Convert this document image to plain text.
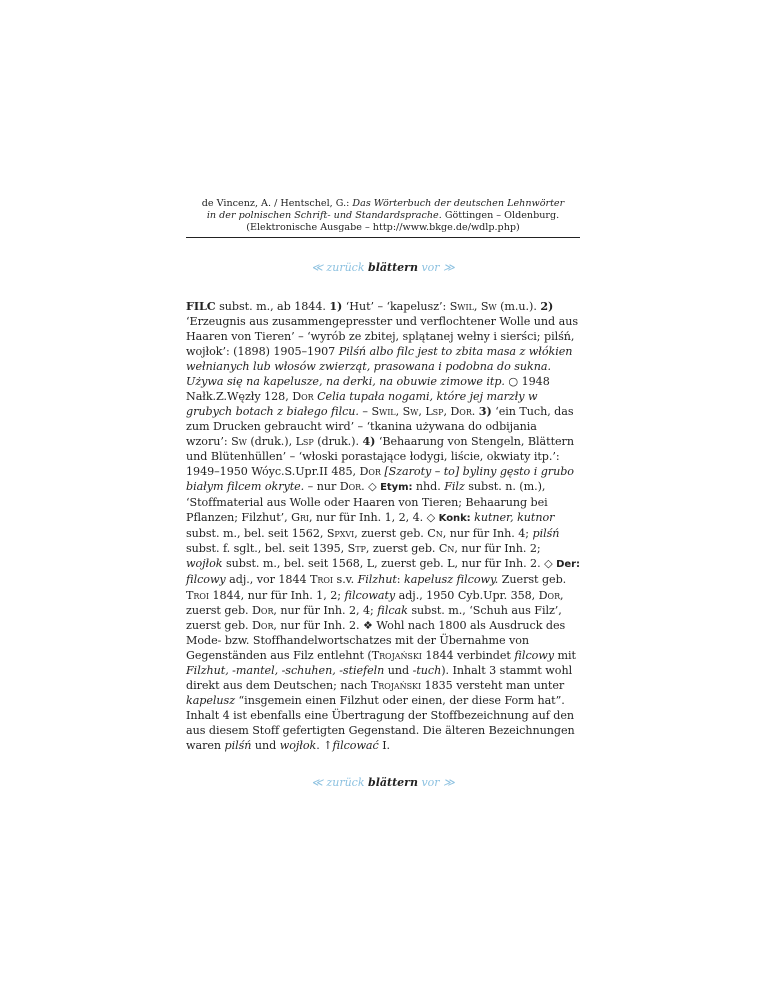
de Vincenz, A. / Hentschel, G.: Das Wörterbuch der deutschen Lehnwörter
in der polnischen Schrift- und Standardsprache. Göttingen – Oldenburg.
(Elektronische Ausgabe – http://www.bkge.de/wdlp.php)
≪ zurück blättern vor ≫
FILC subst. m., ab 1844. 1) ‘Hut’ – ‘kapelusz’: Swil, Sw (m.u.). 2) ‘Erzeugnis aus zusammengepresster und verflochtener Wolle und aus Haaren von Tieren’ – ‘wyrób ze zbitej, splątanej wełny i sierści; pilśń, wojłok’: (1898) 1905–1907 Pilśń albo filc jest to zbita masa z włókien wełnianych lub włosów zwierząt, prasowana i podobna do sukna. Używa się na kapelusze, na derki, na obuwie zimowe itp. ○ 1948 Nałk.Z.Węzły 128, Dor Celia tupała nogami, które jej marzły w grubych botach z białego filcu. – Swil, Sw, Lsp, Dor. 3) ‘ein Tuch, das zum Drucken gebraucht wird’ – ‘tkanina używana do odbijania wzoru’: Sw (druk.), Lsp (druk.). 4) ‘Behaarung von Stengeln, Blättern und Blütenhüllen’ – ‘włoski porastające łodygi, liście, okwiaty itp.’: 1949–1950 Wóyc.S.Upr.II 485, Dor [Szaroty – to] byliny gęsto i grubo białym filcem okryte. – nur Dor. ◇ Etym: nhd. Filz subst. n. (m.), ‘Stoffmaterial aus Wolle oder Haaren von Tieren; Behaarung bei Pflanzen; Filzhut’, Gri, nur für Inh. 1, 2, 4. ◇ Konk: kutner, kutnor subst. m., bel. seit 1562, Spxvi, zuerst geb. Cn, nur für Inh. 4; pilśń subst. f. sglt., bel. seit 1395, Stp, zuerst geb. Cn, nur für Inh. 2; wojłok subst. m., bel. seit 1568, L, zuerst geb. L, nur für Inh. 2. ◇ Der: filcowy adj., vor 1844 Troi s.v. Filzhut: kapelusz filcowy. Zuerst geb. Troi 1844, nur für Inh. 1, 2; filcowaty adj., 1950 Cyb.Upr. 358, Dor, zuerst geb. Dor, nur für Inh. 2, 4; filcak subst. m., ‘Schuh aus Filz’, zuerst geb. Dor, nur für Inh. 2. ❖ Wohl nach 1800 als Ausdruck des Mode- bzw. Stoffhandelwortschatzes mit der Übernahme von Gegenständen aus Filz entlehnt (Trojański 1844 verbindet filcowy mit Filzhut, -mantel, -schuhen, -stiefeln und -tuch). Inhalt 3 stammt wohl direkt aus dem Deutschen; nach Trojański 1835 versteht man unter kapelusz “insgemein einen Filzhut oder einen, der diese Form hat”. Inhalt 4 ist ebenfalls eine Übertragung der Stoffbezeichnung auf den aus diesem Stoff gefertigten Gegenstand. Die älteren Bezeichnungen waren pilśń und wojłok. ↑filcować I.
≪ zurück blättern vor ≫
